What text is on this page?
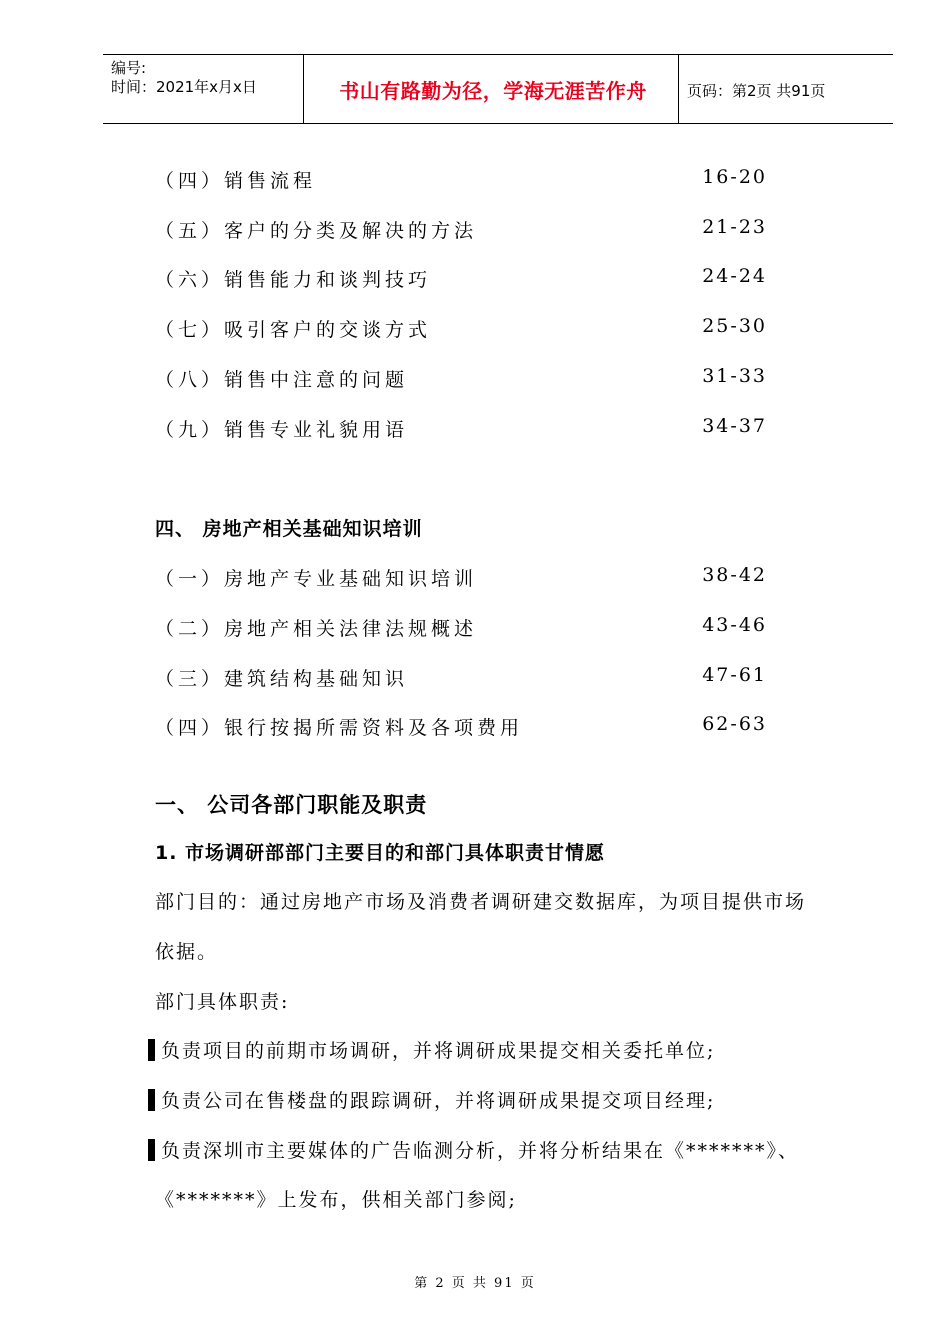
编号:
时间：2021年x月x日	书山有路勤为径，学海无涯苦作舟	页码：第2页 共91页
（四）销售流程	16-20
（五）客户的分类及解决的方法	21-23
（六）销售能力和谈判技巧	24-24
（七）吸引客户的交谈方式	25-30
（八）销售中注意的问题	31-33
（九）销售专业礼貌用语	34-37
四、 房地产相关基础知识培训
（一）房地产专业基础知识培训	38-42
（二）房地产相关法律法规概述	43-46
（三）建筑结构基础知识	47-61
（四）银行按揭所需资料及各项费用	62-63
一、 公司各部门职能及职责
1. 市场调研部部门主要目的和部门具体职责甘情愿
部门目的：通过房地产市场及消费者调研建交数据库，为项目提供市场
依据。
部门具体职责:
负责项目的前期市场调研，并将调研成果提交相关委托单位;
负责公司在售楼盘的跟踪调研，并将调研成果提交项目经理;
负责深圳市主要媒体的广告临测分析，并将分析结果在《*******》、
《*******》上发布，供相关部门参阅;
第 2 页 共 91 页
